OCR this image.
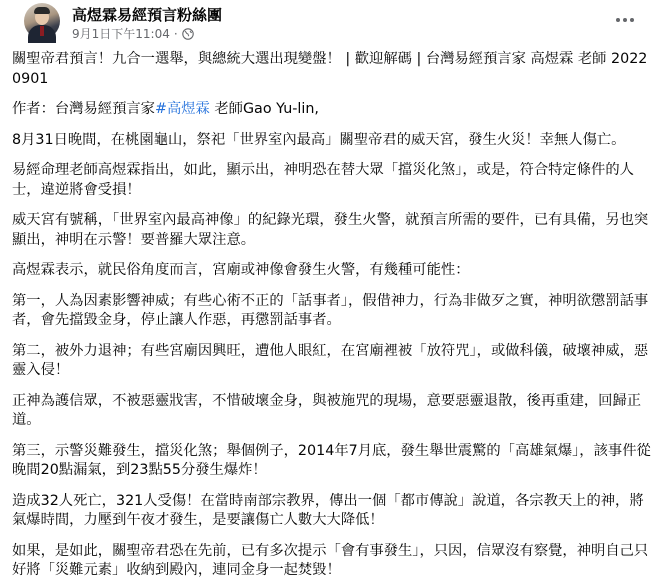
高煜霖易經預言粉絲團
9月1日下午11:04 ·

關聖帝君預言！九合一選舉，與總統大選出現變盤！ | 歡迎解碼 | 台灣易經預言家 高煜霖 老師 20220901

作者：台灣易經預言家#高煜霖 老師Gao Yu-lin,

8月31日晚間，在桃園龜山，祭祀「世界室內最高」關聖帝君的威天宮，發生火災！幸無人傷亡。

易經命理老師高煜霖指出，如此，顯示出，神明恐在替大眾「擋災化煞」，或是，符合特定條件的人士，違逆將會受損！

威天宮有號稱，「世界室內最高神像」的紀錄光環，發生火警，就預言所需的要件，已有具備，另也突顯出，神明在示警！要普羅大眾注意。

高煜霖表示，就民俗角度而言，宮廟或神像會發生火警，有幾種可能性：

第一，人為因素影響神威；有些心術不正的「話事者」，假借神力，行為非做歹之實，神明欲懲罰話事者，會先擋毀金身，停止讓人作惡，再懲罰話事者。

第二，被外力退神；有些宮廟因興旺，遭他人眼紅，在宮廟裡被「放符咒」，或做科儀，破壞神威，惡靈入侵！

正神為護信眾，不被惡靈戕害，不惜破壞金身，與被施咒的現場，意要惡靈退散，後再重建，回歸正道。

第三，示警災難發生，擋災化煞；舉個例子，2014年7月底，發生舉世震驚的「高雄氣爆」，該事件從晚間20點漏氣，到23點55分發生爆炸！

造成32人死亡，321人受傷！在當時南部宗教界，傳出一個「都市傳說」說道，各宗教天上的神，將氣爆時間，力壓到午夜才發生，是要讓傷亡人數大大降低！

如果，是如此，關聖帝君恐在先前，已有多次提示「會有事發生」，只因，信眾沒有察覺，神明自己只好將「災難元素」收納到殿內，連同金身一起焚毀！
